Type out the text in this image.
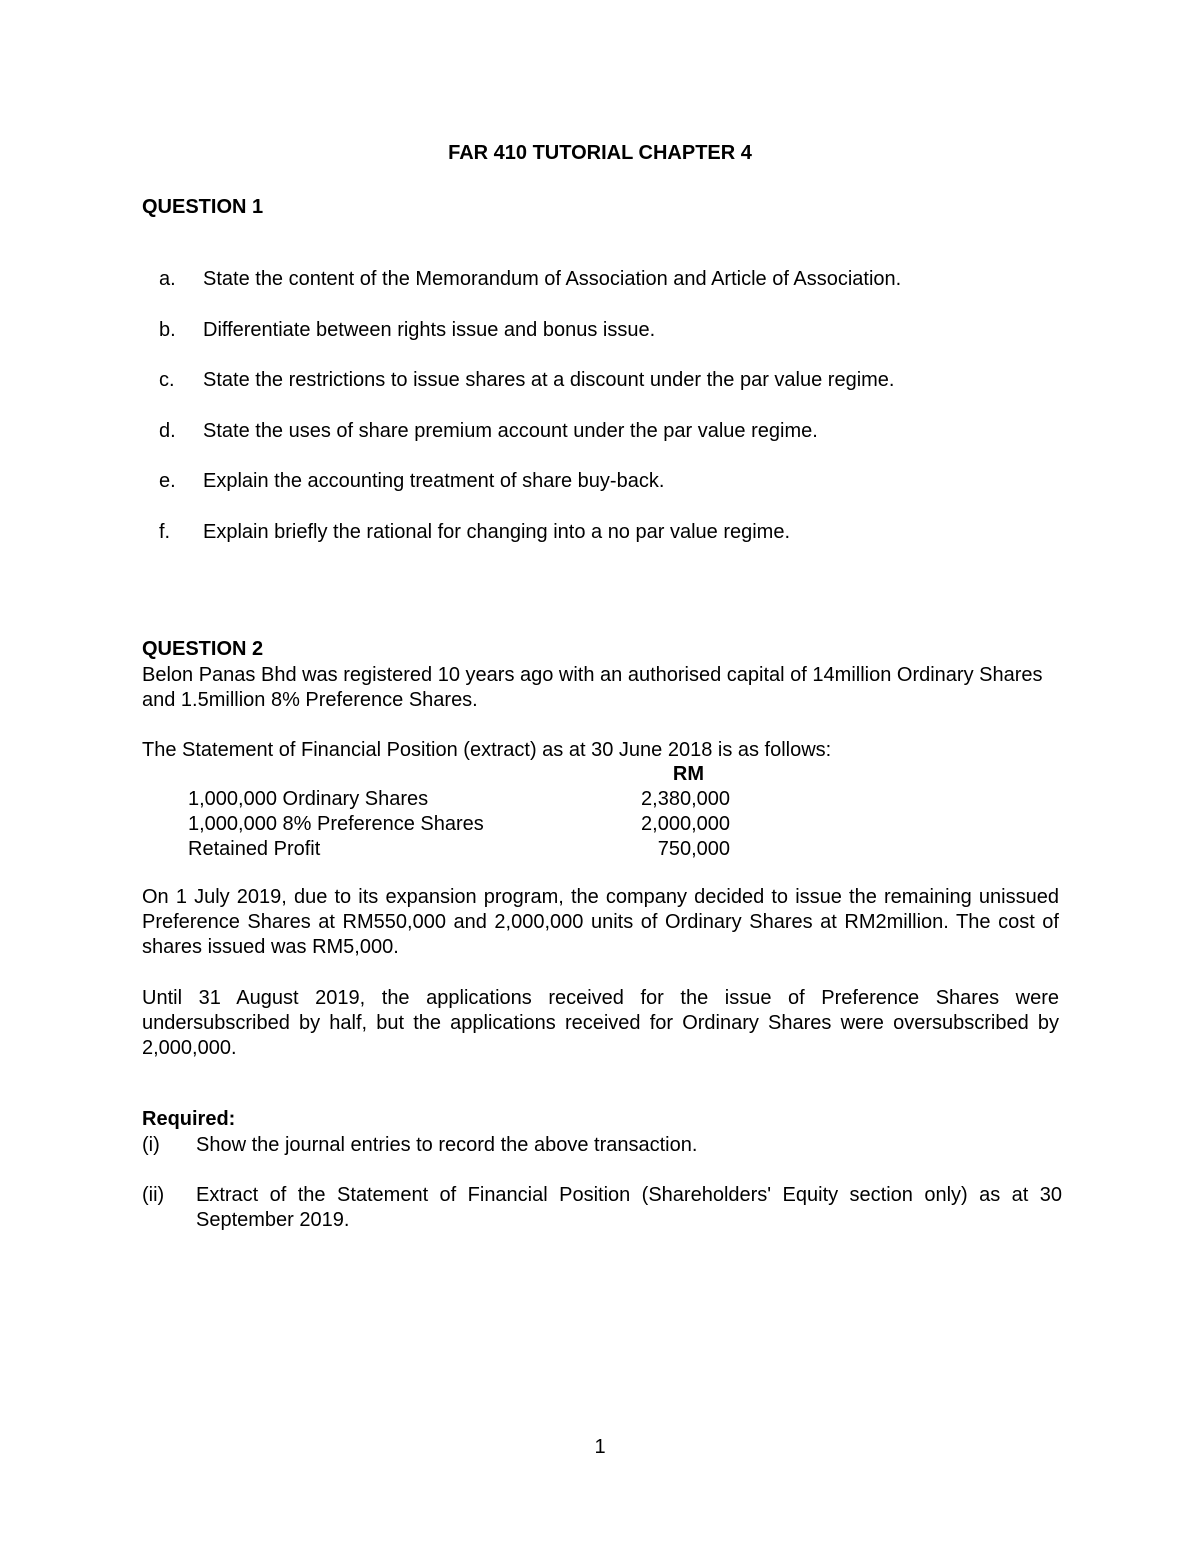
FAR 410 TUTORIAL CHAPTER 4
QUESTION 1
a.	State the content of the Memorandum of Association and Article of Association.
b.	Differentiate between rights issue and bonus issue.
c.	State the restrictions to issue shares at a discount under the par value regime.
d.	State the uses of share premium account under the par value regime.
e.	Explain the accounting treatment of share buy-back.
f.	Explain briefly the rational for changing into a no par value regime.
QUESTION 2
Belon Panas Bhd was registered 10 years ago with an authorised capital of 14million Ordinary Shares and 1.5million 8% Preference Shares.
The Statement of Financial Position (extract) as at 30 June 2018 is as follows:
RM
1,000,000 Ordinary Shares	2,380,000
1,000,000 8% Preference Shares	2,000,000
Retained Profit	750,000
On 1 July 2019, due to its expansion program, the company decided to issue the remaining unissued Preference Shares at RM550,000 and 2,000,000 units of Ordinary Shares at RM2million. The cost of shares issued was RM5,000.
Until 31 August 2019, the applications received for the issue of Preference Shares were undersubscribed by half, but the applications received for Ordinary Shares were oversubscribed by 2,000,000.
Required:
(i)	Show the journal entries to record the above transaction.
(ii)	Extract of the Statement of Financial Position (Shareholders' Equity section only) as at 30 September 2019.
1
